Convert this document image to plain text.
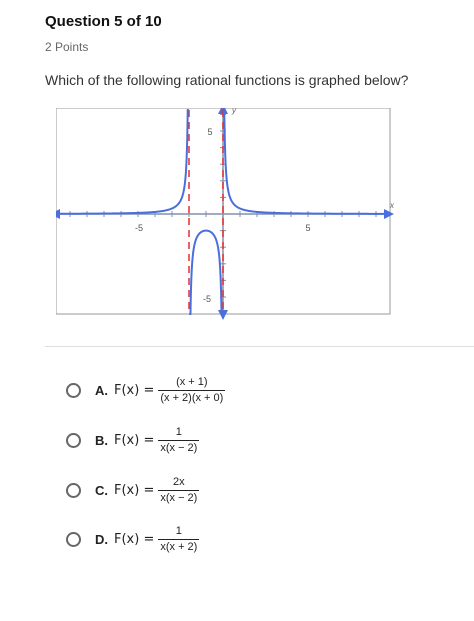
Question 5 of 10
2 Points
Which of the following rational functions is graphed below?
-5	5
5
-5
x
y
A. $F(x) = \frac{(x + 1)}{(x + 2)(x + 0)}$
B. $F(x) = \frac{1}{x(x - 2)}$
C. $F(x) = \frac{2x}{x(x - 2)}$
D. $F(x) = \frac{1}{x(x + 2)}$
